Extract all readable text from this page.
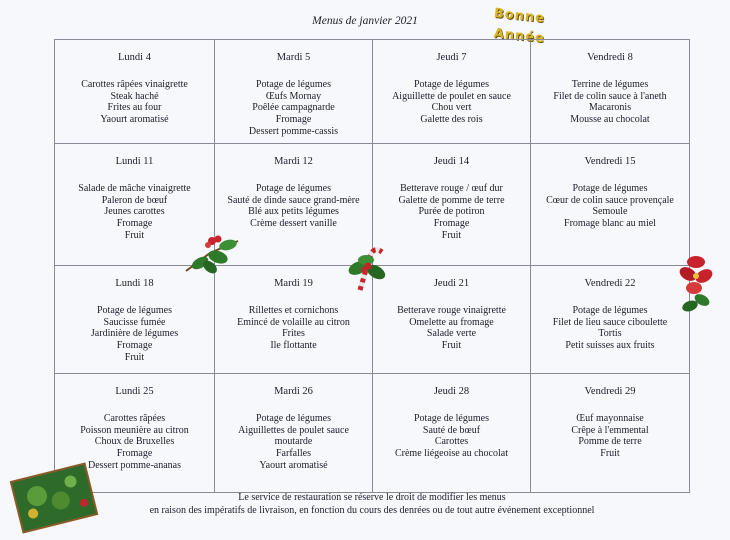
Menus de janvier 2021	Bonne
Année
Lundi 4
Carottes râpées vinaigrette
Steak haché
Frites au four
Yaourt aromatisé
Mardi 5
Potage de légumes
Œufs Mornay
Poêlée campagnarde
Fromage
Dessert pomme-cassis
Jeudi 7
Potage de légumes
Aiguillette de poulet en sauce
Chou vert
Galette des rois
Vendredi 8
Terrine de légumes
Filet de colin sauce à l'aneth
Macaronis
Mousse au chocolat
Lundi 11
Salade de mâche vinaigrette
Paleron de bœuf
Jeunes carottes
Fromage
Fruit
Mardi 12
Potage de légumes
Sauté de dinde sauce grand-mère
Blé aux petits légumes
Crème dessert vanille
Jeudi 14
Betterave rouge / œuf dur
Galette de pomme de terre
Purée de potiron
Fromage
Fruit
Vendredi 15
Potage de légumes
Cœur de colin sauce provençale
Semoule
Fromage blanc au miel
Lundi 18
Potage de légumes
Saucisse fumée
Jardinière de légumes
Fromage
Fruit
Mardi 19
Rillettes et cornichons
Emincé de volaille au citron
Frites
Ile flottante
Jeudi 21
Betterave rouge vinaigrette
Omelette au fromage
Salade verte
Fruit
Vendredi 22
Potage de légumes
Filet de lieu sauce ciboulette
Tortis
Petit suisses aux fruits
Lundi 25
Carottes râpées
Poisson meunière au citron
Choux de Bruxelles
Fromage
Dessert pomme-ananas
Mardi 26
Potage de légumes
Aiguillettes de poulet sauce
moutarde
Farfalles
Yaourt aromatisé
Jeudi 28
Potage de légumes
Sauté de bœuf
Carottes
Crème liégeoise au chocolat
Vendredi 29
Œuf mayonnaise
Crêpe à l'emmental
Pomme de terre
Fruit
Le service de restauration se réserve le droit de modifier les menus
en raison des impératifs de livraison, en fonction du cours des denrées ou de tout autre événement exceptionnel
